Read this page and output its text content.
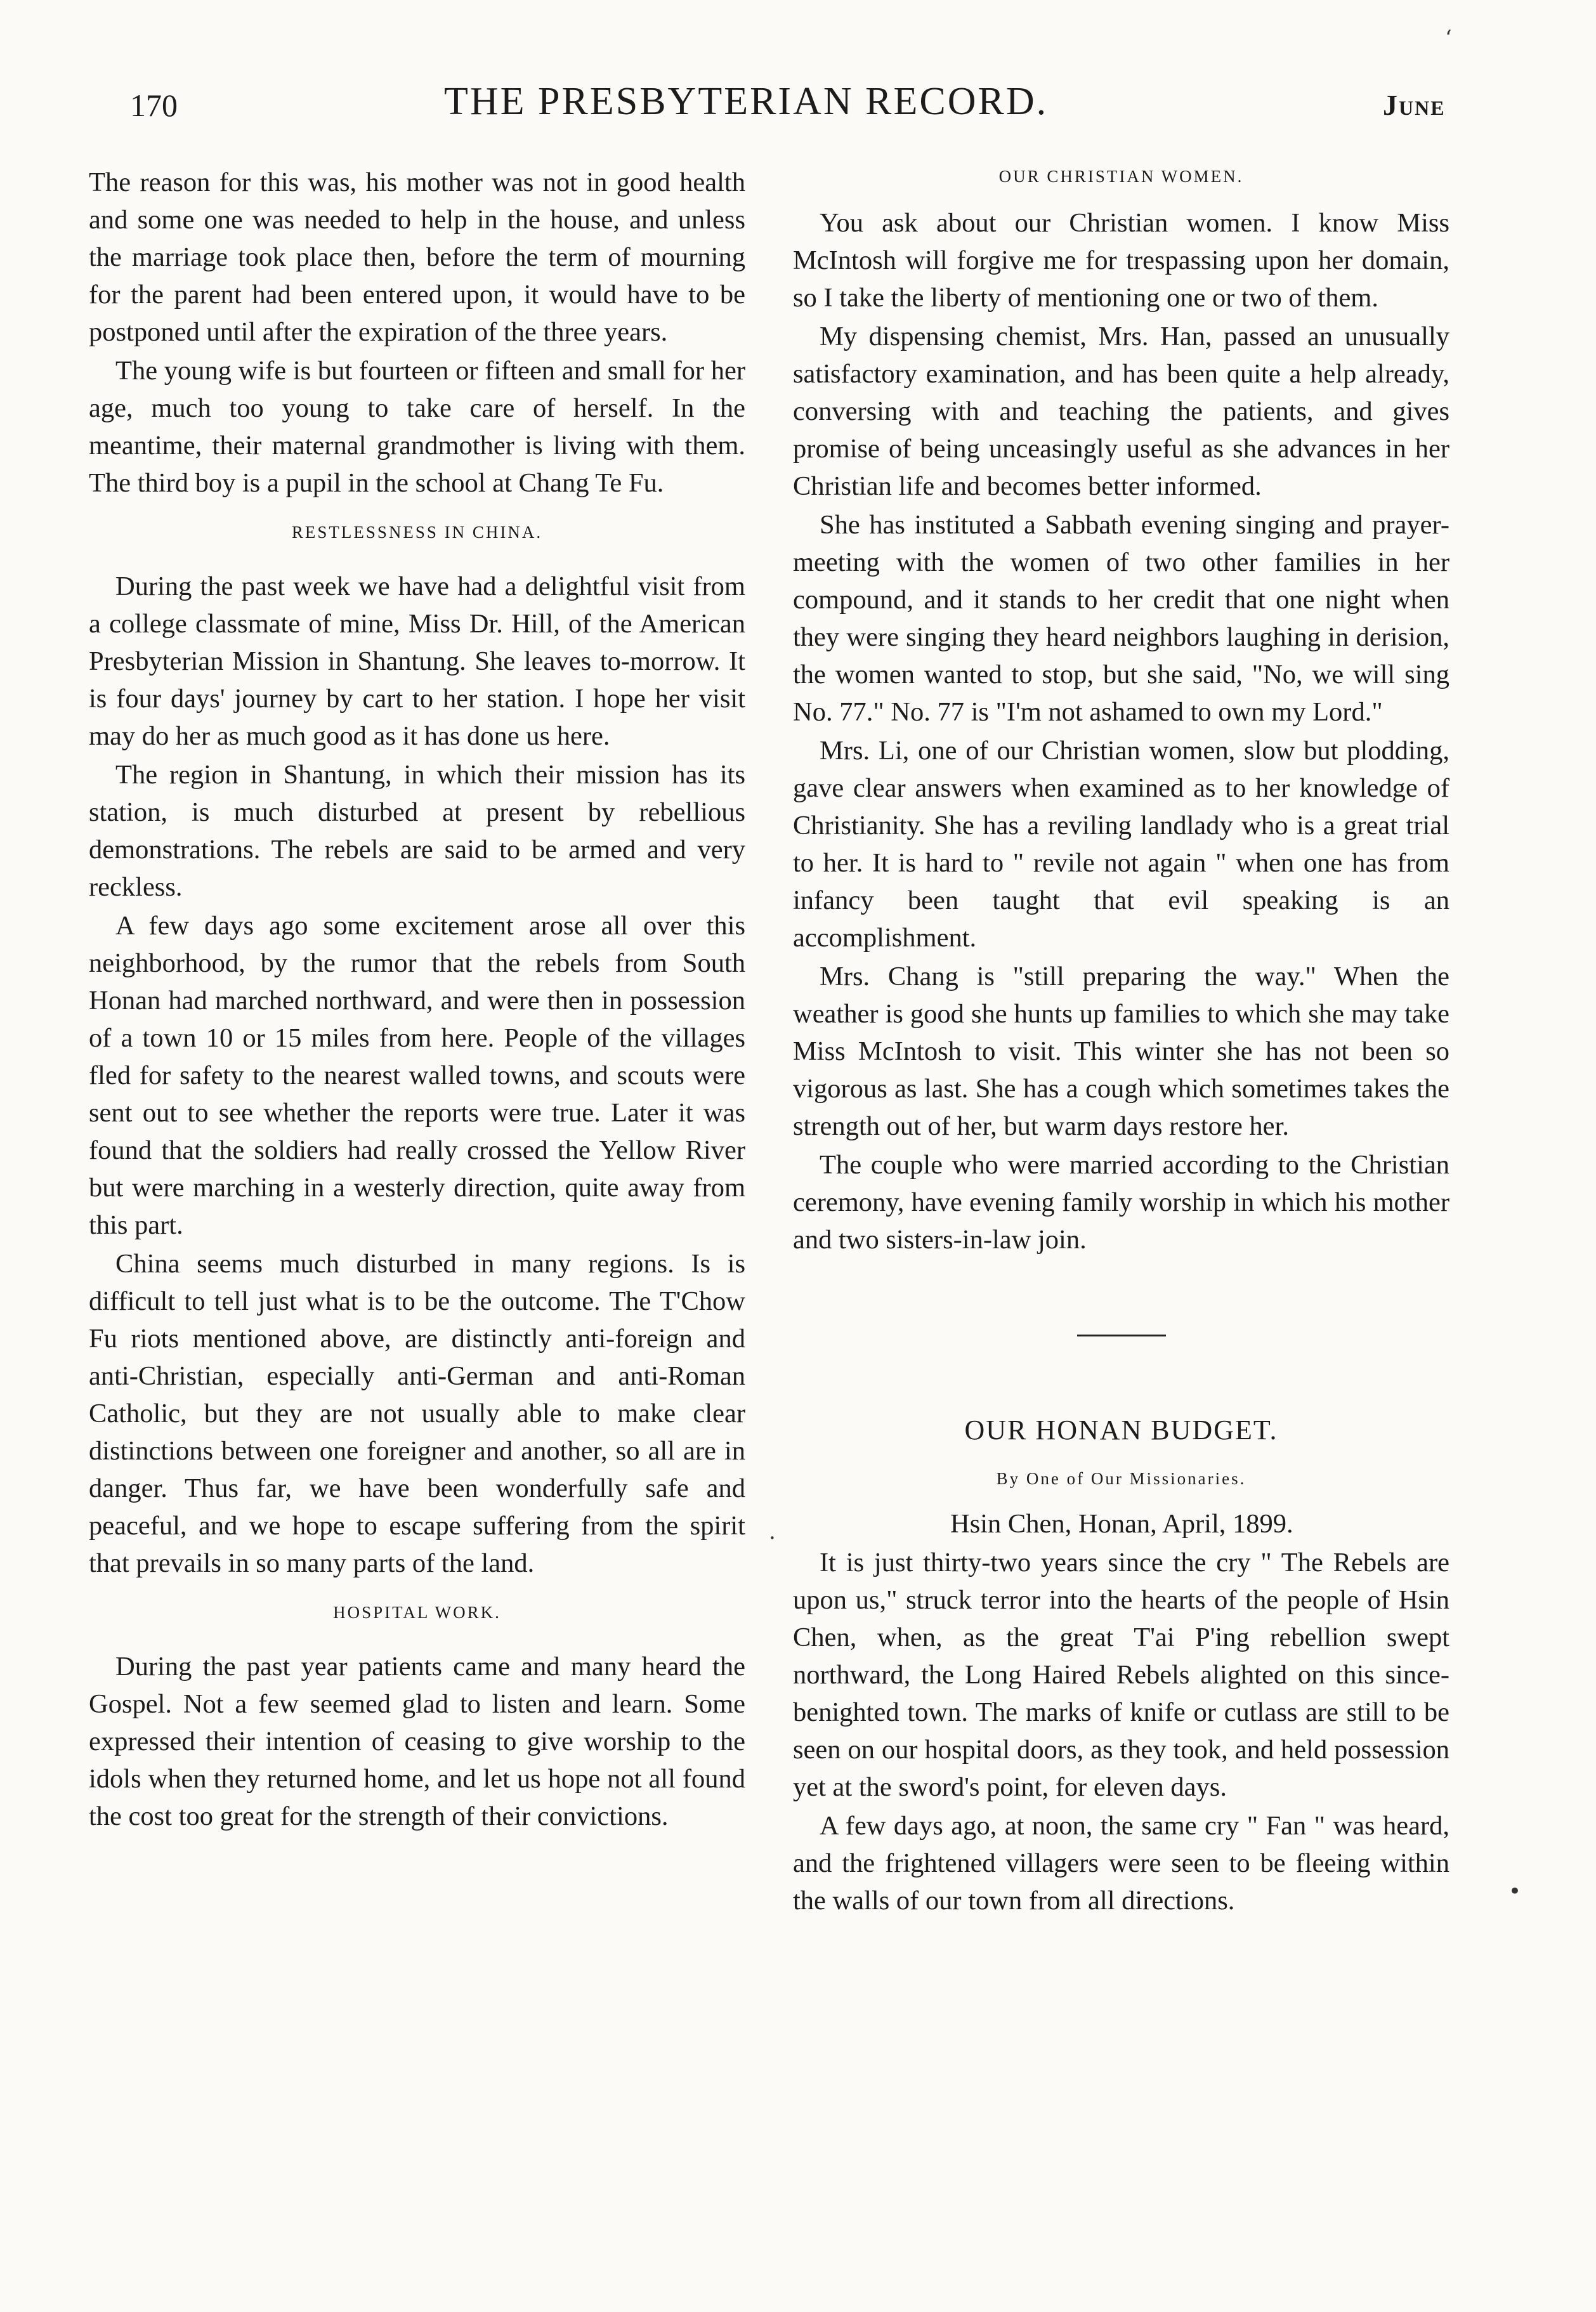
‘
•
.
170	THE PRESBYTERIAN RECORD.	June

The reason for this was, his mother was not in good health and some one was needed to help in the house, and unless the marriage took place then, before the term of mourning for the parent had been entered upon, it would have to be postponed until after the expiration of the three years.

The young wife is but fourteen or fifteen and small for her age, much too young to take care of herself. In the meantime, their maternal grandmother is living with them. The third boy is a pupil in the school at Chang Te Fu.

RESTLESSNESS IN CHINA.

During the past week we have had a delightful visit from a college classmate of mine, Miss Dr. Hill, of the American Presbyterian Mission in Shantung. She leaves to-morrow. It is four days' journey by cart to her station. I hope her visit may do her as much good as it has done us here.

The region in Shantung, in which their mission has its station, is much disturbed at present by rebellious demonstrations. The rebels are said to be armed and very reckless.

A few days ago some excitement arose all over this neighborhood, by the rumor that the rebels from South Honan had marched northward, and were then in possession of a town 10 or 15 miles from here. People of the villages fled for safety to the nearest walled towns, and scouts were sent out to see whether the reports were true. Later it was found that the soldiers had really crossed the Yellow River but were marching in a westerly direction, quite away from this part.

China seems much disturbed in many regions. Is is difficult to tell just what is to be the outcome. The T'Chow Fu riots mentioned above, are distinctly anti-foreign and anti-Christian, especially anti-German and anti-Roman Catholic, but they are not usually able to make clear distinctions between one foreigner and another, so all are in danger. Thus far, we have been wonderfully safe and peaceful, and we hope to escape suffering from the spirit that prevails in so many parts of the land.

HOSPITAL WORK.

During the past year patients came and many heard the Gospel. Not a few seemed glad to listen and learn. Some expressed their intention of ceasing to give worship to the idols when they returned home, and let us hope not all found the cost too great for the strength of their convictions.

OUR CHRISTIAN WOMEN.

You ask about our Christian women. I know Miss McIntosh will forgive me for trespassing upon her domain, so I take the liberty of mentioning one or two of them.

My dispensing chemist, Mrs. Han, passed an unusually satisfactory examination, and has been quite a help already, conversing with and teaching the patients, and gives promise of being unceasingly useful as she advances in her Christian life and becomes better informed.

She has instituted a Sabbath evening singing and prayer-meeting with the women of two other families in her compound, and it stands to her credit that one night when they were singing they heard neighbors laughing in derision, the women wanted to stop, but she said, "No, we will sing No. 77." No. 77 is "I'm not ashamed to own my Lord."

Mrs. Li, one of our Christian women, slow but plodding, gave clear answers when examined as to her knowledge of Christianity. She has a reviling landlady who is a great trial to her. It is hard to " revile not again " when one has from infancy been taught that evil speaking is an accomplishment.

Mrs. Chang is "still preparing the way." When the weather is good she hunts up families to which she may take Miss McIntosh to visit. This winter she has not been so vigorous as last. She has a cough which sometimes takes the strength out of her, but warm days restore her.

The couple who were married according to the Christian ceremony, have evening family worship in which his mother and two sisters-in-law join.

OUR HONAN BUDGET.
By One of Our Missionaries.

Hsin Chen, Honan, April, 1899.

It is just thirty-two years since the cry " The Rebels are upon us," struck terror into the hearts of the people of Hsin Chen, when, as the great T'ai P'ing rebellion swept northward, the Long Haired Rebels alighted on this since-benighted town. The marks of knife or cutlass are still to be seen on our hospital doors, as they took, and held possession yet at the sword's point, for eleven days.

A few days ago, at noon, the same cry " Fan " was heard, and the frightened villagers were seen to be fleeing within the walls of our town from all directions.
